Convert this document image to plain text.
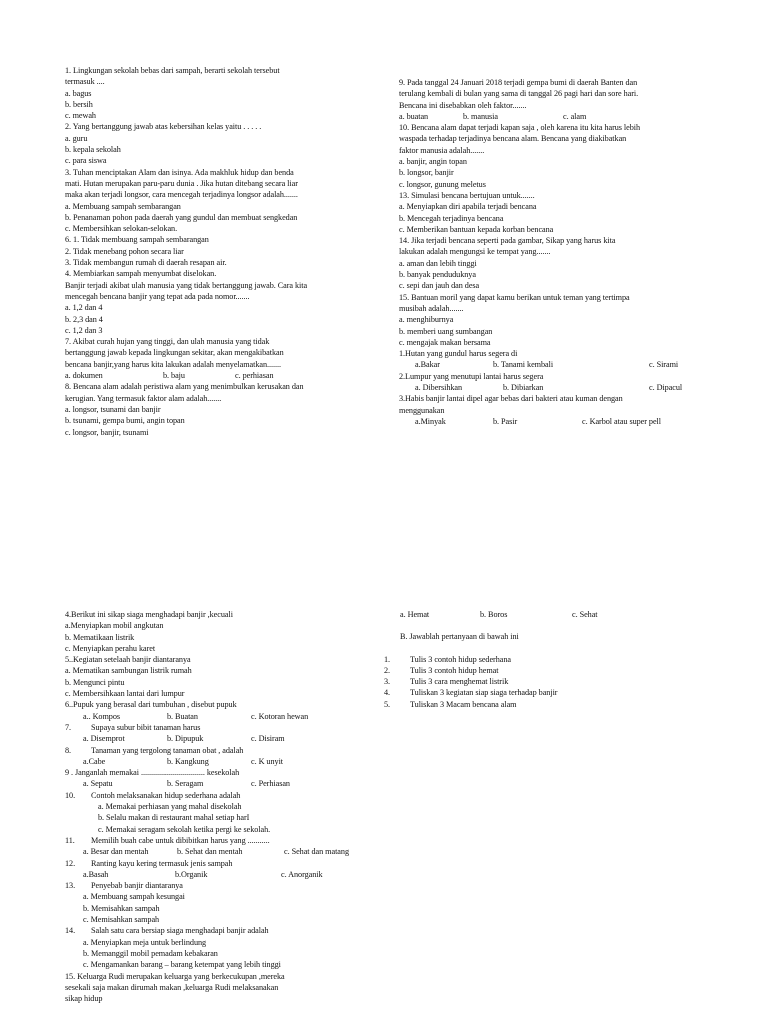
1. Lingkungan sekolah bebas dari sampah, berarti sekolah tersebut

termasuk ....

a. bagus

b. bersih

c. mewah

2. Yang bertanggung jawab atas kebersihan kelas yaitu . . . . .

a. guru

b. kepala sekolah

c. para siswa

3. Tuhan menciptakan Alam dan isinya. Ada makhluk hidup dan benda

mati. Hutan merupakan paru-paru dunia . Jika hutan ditebang secara liar

maka akan terjadi longsor, cara mencegah terjadinya longsor adalah.......

a. Membuang sampah sembarangan

b. Penanaman pohon pada daerah yang gundul dan membuat sengkedan

c. Membersihkan selokan-selokan.

6. 1. Tidak membuang sampah sembarangan

2. Tidak menebang pohon secara liar

3. Tidak membangun rumah di daerah resapan air.

4. Membiarkan sampah menyumbat diselokan.

Banjir terjadi akibat ulah manusia yang tidak bertanggung jawab. Cara kita

mencegah bencana banjir yang tepat ada pada nomor.......

a. 1,2 dan 4

b. 2,3 dan 4

c. 1,2 dan 3

7. Akibat curah hujan yang tinggi, dan ulah manusia yang tidak

bertanggung jawab kepada lingkungan sekitar, akan mengakibatkan

bencana banjir,yang harus kita lakukan adalah menyelamatkan.......

a. dokumen	b. baju	c. perhiasan

8. Bencana alam adalah peristiwa alam yang menimbulkan kerusakan dan

kerugian. Yang termasuk faktor alam adalah.......

a. longsor, tsunami dan banjir

b. tsunami, gempa bumi, angin topan

c. longsor, banjir, tsunami

9. Pada tanggal 24 Januari 2018 terjadi gempa bumi di daerah Banten dan

terulang kembali di bulan yang sama di tanggal 26 pagi hari dan sore hari.

Bencana ini disebabkan oleh faktor.......

a. buatan	b. manusia	c. alam

10. Bencana alam dapat terjadi kapan saja , oleh karena itu kita harus lebih

waspada terhadap terjadinya bencana alam. Bencana yang diakibatkan

faktor manusia adalah.......

a. banjir, angin topan

b. longsor, banjir

c. longsor, gunung meletus

13. Simulasi bencana bertujuan untuk.......

a. Menyiapkan diri apabila terjadi bencana

b. Mencegah terjadinya bencana

c. Memberikan bantuan kepada korban bencana

14. Jika terjadi bencana seperti pada gambar, Sikap yang harus kita

lakukan adalah mengungsi ke tempat yang.......

a. aman dan lebih tinggi

b. banyak penduduknya

c. sepi dan jauh dan desa

15. Bantuan moril yang dapat kamu berikan untuk teman yang tertimpa

musibah adalah.......

a. menghiburnya

b. memberi uang sumbangan

c. mengajak makan bersama

1.Hutan yang gundul harus segera di

a.Bakar	b. Tanami kembali	c. Sirami

2.Lumpur yang menutupi lantai harus segera

a. Dibersihkan	b. Dibiarkan	c. Dipacul

3.Habis banjir lantai dipel agar bebas dari bakteri atau kuman dengan

menggunakan

a.Minyak	b. Pasir	c. Karbol atau super pell

4.Berikut ini sikap siaga menghadapi banjir ,kecuali

a.Menyiapkan mobil angkutan

b. Mematikaan listrik

c. Menyiapkan perahu karet

5..Kegiatan setelaah banjir diantaranya

a. Mematikan sambungan listrik rumah

b. Mengunci pintu

c. Membersihkaan lantai dari lumpur

6..Pupuk yang berasal dari tumbuhan , disebut pupuk

a.. Kompos	b. Buatan	c. Kotoran hewan

7. Supaya subur bibit tanaman harus

a. Disemprot	b. Dipupuk	c. Disiram

8. Tanaman yang tergolong tanaman obat , adalah

a.Cabe	b. Kangkung	c. K unyit

9 . Janganlah memakai ................................ kesekolah

a. Sepatu	b. Seragam	c. Perhiasan

10. Contoh melaksanakan hidup sederhana adalah

a. Memakai perhiasan yang mahal disekolah

b. Selalu makan di restaurant mahal setiap harI

c. Memakai seragam sekolah ketika pergi ke sekolah.

11. Memilih buah cabe untuk dibibitkan harus yang ...........

a. Besar dan mentah	b. Sehat dan mentah	c. Sehat dan matang

12. Ranting kayu kering termasuk jenis sampah

a.Basah	b.Organik	c. Anorganik

13. Penyebab banjir diantaranya

a. Membuang sampah kesungai

b. Memisahkan sampah

c. Memisahkan sampah

14. Salah satu cara bersiap siaga menghadapi banjir adalah

a. Menyiapkan meja untuk berlindung

b. Memanggil mobil pemadam kebakaran

c. Mengamankan barang – barang ketempat yang lebih tinggi

15. Keluarga Rudi merupakan keluarga yang berkecukupan ,mereka

sesekali saja makan dirumah makan ,keluarga Rudi melaksanakan

sikap hidup

a. Hemat	b. Boros	c. Sehat

B. Jawablah pertanyaan di bawah ini

1.	Tulis 3 contoh hidup sederhana

2.	Tulis 3 contoh hidup hemat

3.	Tulis 3 cara menghemat listrik

4.	Tuliskan 3 kegiatan siap siaga terhadap banjir

5.	Tuliskan 3 Macam bencana alam
